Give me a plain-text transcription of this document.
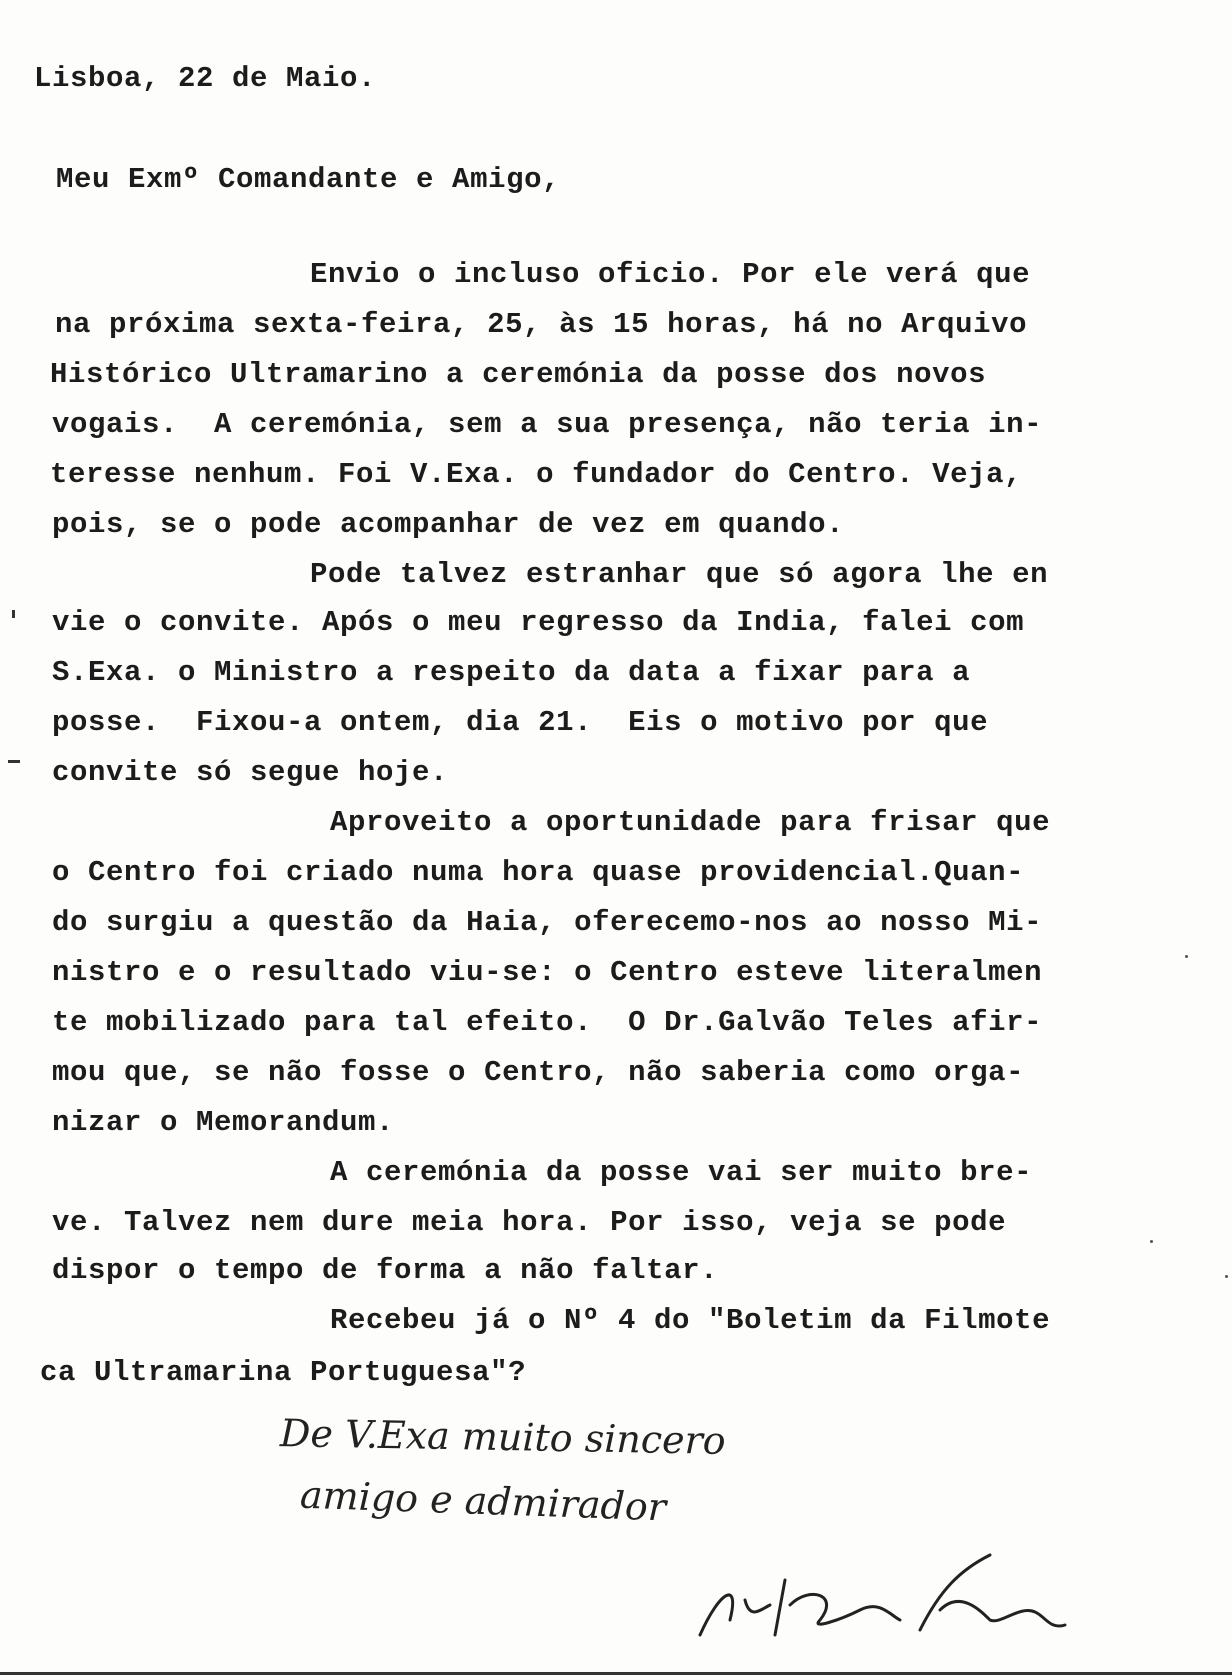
Lisboa, 22 de Maio.
Meu Exmº Comandante e Amigo,
Envio o incluso oficio. Por ele verá que
na próxima sexta-feira, 25, às 15 horas, há no Arquivo
Histórico Ultramarino a ceremónia da posse dos novos
vogais.  A ceremónia, sem a sua presença, não teria in-
teresse nenhum. Foi V.Exa. o fundador do Centro. Veja,
pois, se o pode acompanhar de vez em quando.
Pode talvez estranhar que só agora lhe en
vie o convite. Após o meu regresso da India, falei com
S.Exa. o Ministro a respeito da data a fixar para a
posse.  Fixou-a ontem, dia 21.  Eis o motivo por que
convite só segue hoje.
Aproveito a oportunidade para frisar que
o Centro foi criado numa hora quase providencial.Quan-
do surgiu a questão da Haia, oferecemo-nos ao nosso Mi-
nistro e o resultado viu-se: o Centro esteve literalmen
te mobilizado para tal efeito.  O Dr.Galvão Teles afir-
mou que, se não fosse o Centro, não saberia como orga-
nizar o Memorandum.
A ceremónia da posse vai ser muito bre-
ve. Talvez nem dure meia hora. Por isso, veja se pode
dispor o tempo de forma a não faltar.
Recebeu já o Nº 4 do "Boletim da Filmote
ca Ultramarina Portuguesa"?
De V.Exa muito sincero
amigo e admirador
